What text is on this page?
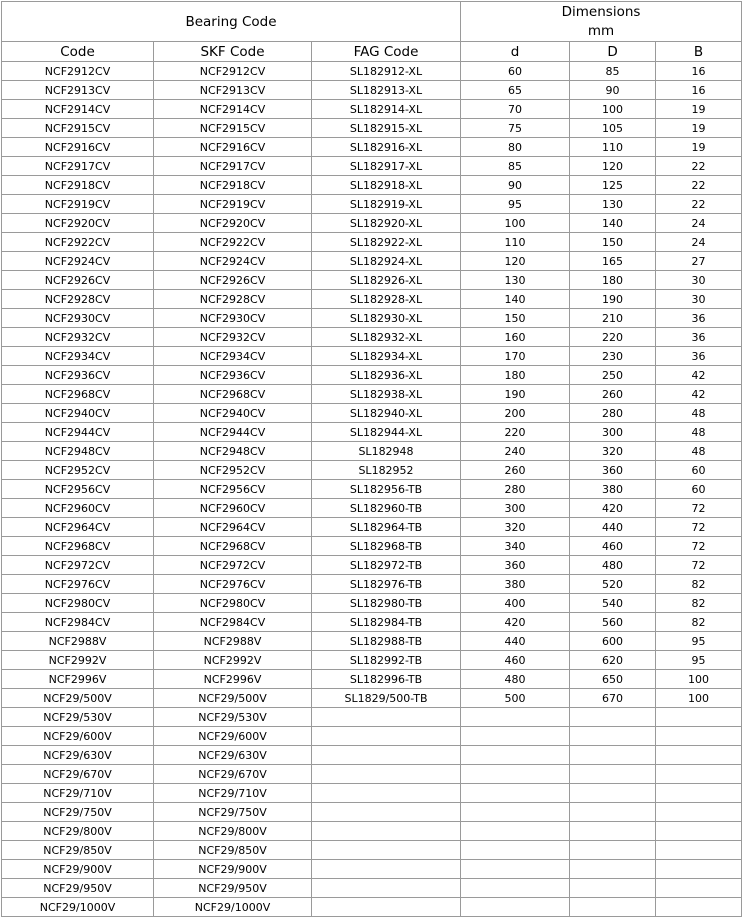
Bearing Code			Dimensions
mm		

Code	SKF Code	FAG Code	d	D	B
NCF2912CV	NCF2912CV	SL182912-XL	60	85	16
NCF2913CV	NCF2913CV	SL182913-XL	65	90	16
NCF2914CV	NCF2914CV	SL182914-XL	70	100	19
NCF2915CV	NCF2915CV	SL182915-XL	75	105	19
NCF2916CV	NCF2916CV	SL182916-XL	80	110	19
NCF2917CV	NCF2917CV	SL182917-XL	85	120	22
NCF2918CV	NCF2918CV	SL182918-XL	90	125	22
NCF2919CV	NCF2919CV	SL182919-XL	95	130	22
NCF2920CV	NCF2920CV	SL182920-XL	100	140	24
NCF2922CV	NCF2922CV	SL182922-XL	110	150	24
NCF2924CV	NCF2924CV	SL182924-XL	120	165	27
NCF2926CV	NCF2926CV	SL182926-XL	130	180	30
NCF2928CV	NCF2928CV	SL182928-XL	140	190	30
NCF2930CV	NCF2930CV	SL182930-XL	150	210	36
NCF2932CV	NCF2932CV	SL182932-XL	160	220	36
NCF2934CV	NCF2934CV	SL182934-XL	170	230	36
NCF2936CV	NCF2936CV	SL182936-XL	180	250	42
NCF2968CV	NCF2968CV	SL182938-XL	190	260	42
NCF2940CV	NCF2940CV	SL182940-XL	200	280	48
NCF2944CV	NCF2944CV	SL182944-XL	220	300	48
NCF2948CV	NCF2948CV	SL182948	240	320	48
NCF2952CV	NCF2952CV	SL182952	260	360	60
NCF2956CV	NCF2956CV	SL182956-TB	280	380	60
NCF2960CV	NCF2960CV	SL182960-TB	300	420	72
NCF2964CV	NCF2964CV	SL182964-TB	320	440	72
NCF2968CV	NCF2968CV	SL182968-TB	340	460	72
NCF2972CV	NCF2972CV	SL182972-TB	360	480	72
NCF2976CV	NCF2976CV	SL182976-TB	380	520	82
NCF2980CV	NCF2980CV	SL182980-TB	400	540	82
NCF2984CV	NCF2984CV	SL182984-TB	420	560	82
NCF2988V	NCF2988V	SL182988-TB	440	600	95
NCF2992V	NCF2992V	SL182992-TB	460	620	95
NCF2996V	NCF2996V	SL182996-TB	480	650	100
NCF29/500V	NCF29/500V	SL1829/500-TB	500	670	100
NCF29/530V	NCF29/530V				
NCF29/600V	NCF29/600V				
NCF29/630V	NCF29/630V				
NCF29/670V	NCF29/670V				
NCF29/710V	NCF29/710V				
NCF29/750V	NCF29/750V				
NCF29/800V	NCF29/800V				
NCF29/850V	NCF29/850V				
NCF29/900V	NCF29/900V				
NCF29/950V	NCF29/950V				
NCF29/1000V	NCF29/1000V				
